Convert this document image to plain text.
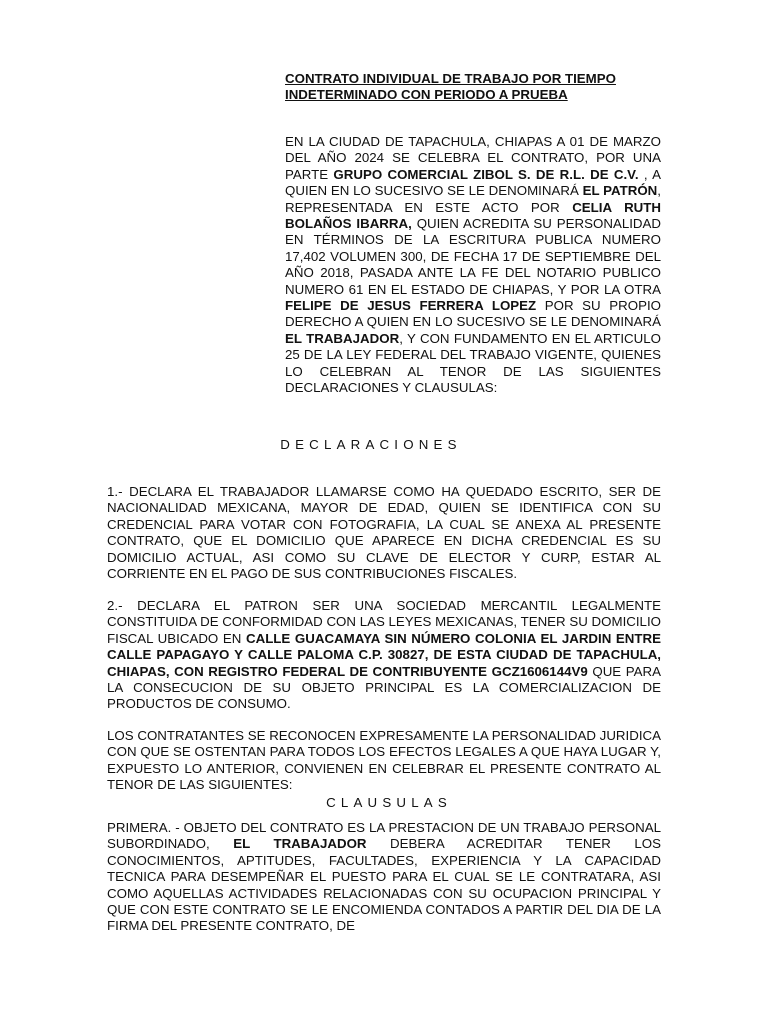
CONTRATO INDIVIDUAL DE TRABAJO POR TIEMPO INDETERMINADO CON PERIODO A PRUEBA

EN LA CIUDAD DE TAPACHULA, CHIAPAS A 01 DE MARZO DEL AÑO 2024 SE CELEBRA EL CONTRATO, POR UNA PARTE GRUPO COMERCIAL ZIBOL S. DE R.L. DE C.V. , A QUIEN EN LO SUCESIVO SE LE DENOMINARÁ EL PATRÓN, REPRESENTADA EN ESTE ACTO POR CELIA RUTH BOLAÑOS IBARRA, QUIEN ACREDITA SU PERSONALIDAD EN TÉRMINOS DE LA ESCRITURA PUBLICA NUMERO 17,402 VOLUMEN 300, DE FECHA 17 DE SEPTIEMBRE DEL AÑO 2018, PASADA ANTE LA FE DEL NOTARIO PUBLICO NUMERO 61 EN EL ESTADO DE CHIAPAS, Y POR LA OTRA FELIPE DE JESUS FERRERA LOPEZ POR SU PROPIO DERECHO A QUIEN EN LO SUCESIVO SE LE DENOMINARÁ EL TRABAJADOR, Y CON FUNDAMENTO EN EL ARTICULO 25 DE LA LEY FEDERAL DEL TRABAJO VIGENTE, QUIENES LO CELEBRAN AL TENOR DE LAS SIGUIENTES DECLARACIONES Y CLAUSULAS:

DECLARACIONES

1.- DECLARA EL TRABAJADOR LLAMARSE COMO HA QUEDADO ESCRITO, SER DE NACIONALIDAD MEXICANA, MAYOR DE EDAD, QUIEN SE IDENTIFICA CON SU CREDENCIAL PARA VOTAR CON FOTOGRAFIA, LA CUAL SE ANEXA AL PRESENTE CONTRATO, QUE EL DOMICILIO QUE APARECE EN DICHA CREDENCIAL ES SU DOMICILIO ACTUAL, ASI COMO SU CLAVE DE ELECTOR Y CURP, ESTAR AL CORRIENTE EN EL PAGO DE SUS CONTRIBUCIONES FISCALES.

2.- DECLARA EL PATRON SER UNA SOCIEDAD MERCANTIL LEGALMENTE CONSTITUIDA DE CONFORMIDAD CON LAS LEYES MEXICANAS, TENER SU DOMICILIO FISCAL UBICADO EN CALLE GUACAMAYA SIN NÚMERO COLONIA EL JARDIN ENTRE CALLE PAPAGAYO Y CALLE PALOMA C.P. 30827, DE ESTA CIUDAD DE TAPACHULA, CHIAPAS, CON REGISTRO FEDERAL DE CONTRIBUYENTE GCZ1606144V9 QUE PARA LA CONSECUCION DE SU OBJETO PRINCIPAL ES LA COMERCIALIZACION DE PRODUCTOS DE CONSUMO.

LOS CONTRATANTES SE RECONOCEN EXPRESAMENTE LA PERSONALIDAD JURIDICA CON QUE SE OSTENTAN PARA TODOS LOS EFECTOS LEGALES A QUE HAYA LUGAR Y, EXPUESTO LO ANTERIOR, CONVIENEN EN CELEBRAR EL PRESENTE CONTRATO AL TENOR DE LAS SIGUIENTES:

CLAUSULAS

PRIMERA. - OBJETO DEL CONTRATO ES LA PRESTACION DE UN TRABAJO PERSONAL SUBORDINADO, EL TRABAJADOR DEBERA ACREDITAR TENER LOS CONOCIMIENTOS, APTITUDES, FACULTADES, EXPERIENCIA Y LA CAPACIDAD TECNICA PARA DESEMPEÑAR EL PUESTO PARA EL CUAL SE LE CONTRATARA, ASI COMO AQUELLAS ACTIVIDADES RELACIONADAS CON SU OCUPACION PRINCIPAL Y QUE CON ESTE CONTRATO SE LE ENCOMIENDA CONTADOS A PARTIR DEL DIA DE LA FIRMA DEL PRESENTE CONTRATO, DE
